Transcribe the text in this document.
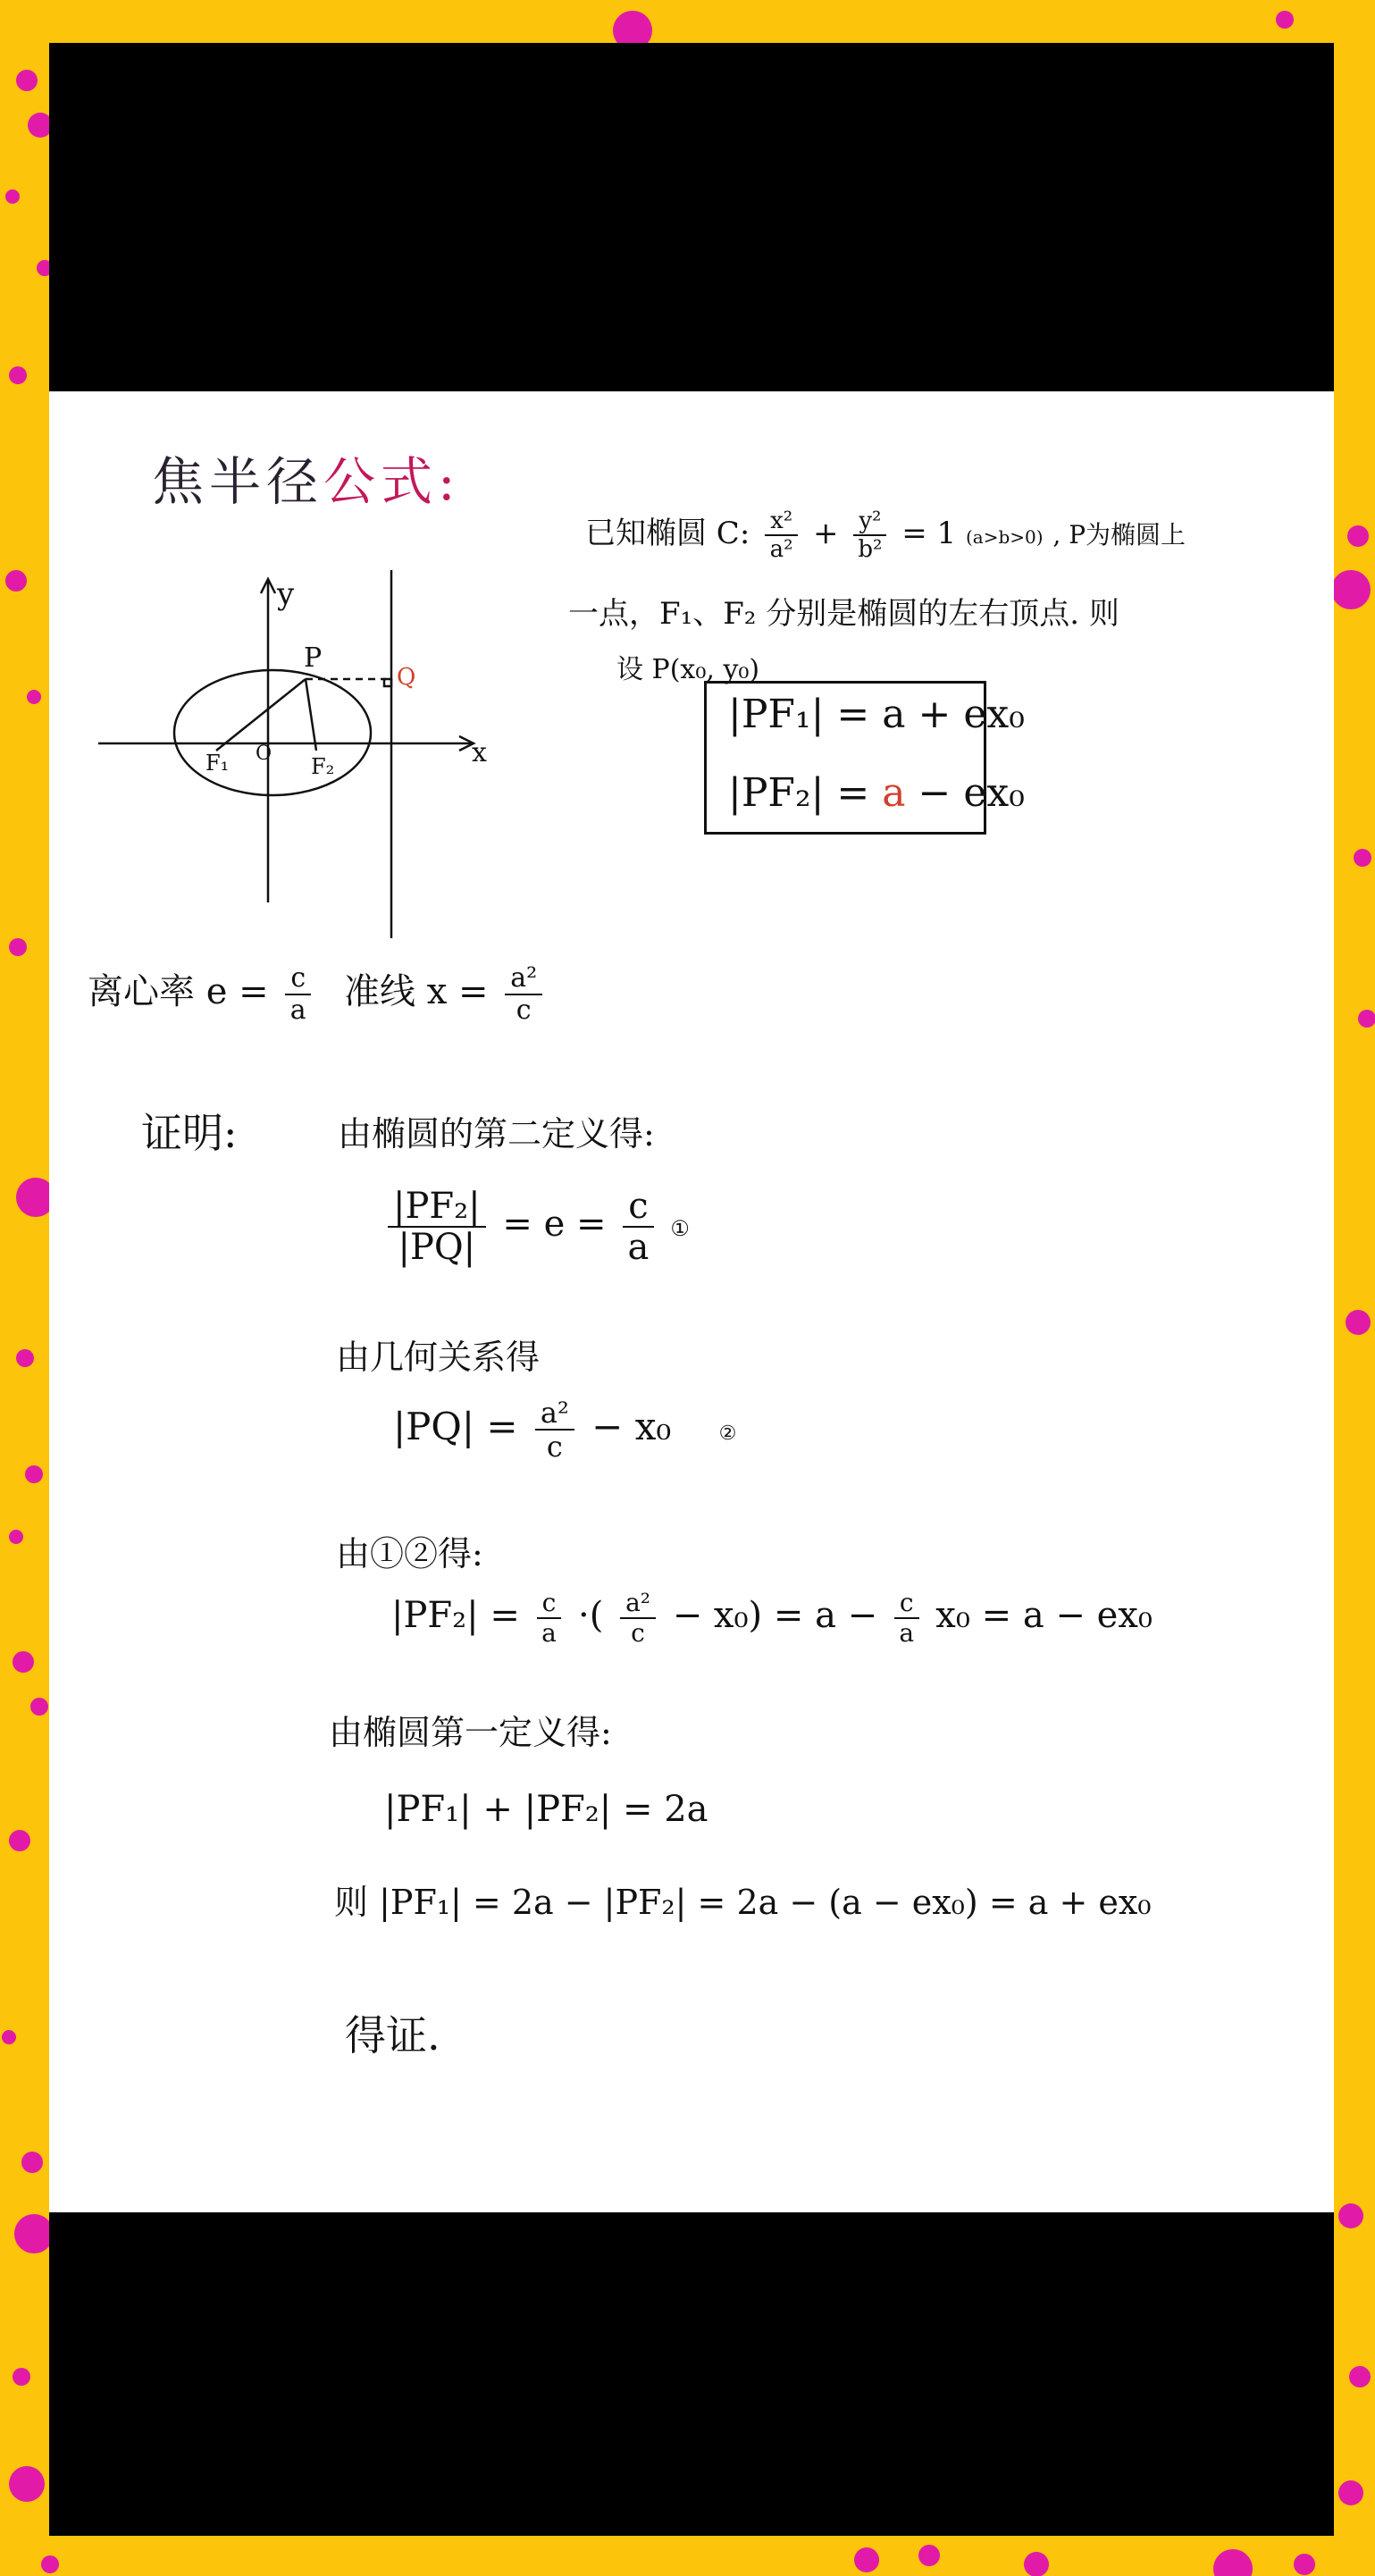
焦半径公式:
y
x
P
Q
F₁ O
F₂
已知椭圆 C: $\frac{\text{x²}}{\text{a²}} + \frac{\text{y²}}{\text{b²}} = 1$ (a>b>0) , P为椭圆上
一点，F₁、F₂ 分别是椭圆的左右顶点. 则
设 P(x₀, y₀)
|PF₁| = a + ex₀
|PF₂| = a − ex₀
离心率 $e = \frac{c}{a}$ 准线 $x = \frac{\text{a²}}{c}$
证明:	由椭圆的第二定义得:
$\frac{\text{|PF₂|}}{|PQ|} = e = \frac{c}{a}$ ①
由几何关系得
$|PQ| = \frac{\text{a²}}{c} - x_0$ ②
由①②得:
$|PF_2| = \frac{c}{a}$ ·( $\frac{\text{a²}}{c} - x_0) = a - \frac{c}{a} x_0 = a - ex_0$
由椭圆第一定义得:
|PF₁| + |PF₂| = 2a
则 |PF₁| = 2a − |PF₂| = 2a − (a − ex₀) = a + ex₀
得证.
